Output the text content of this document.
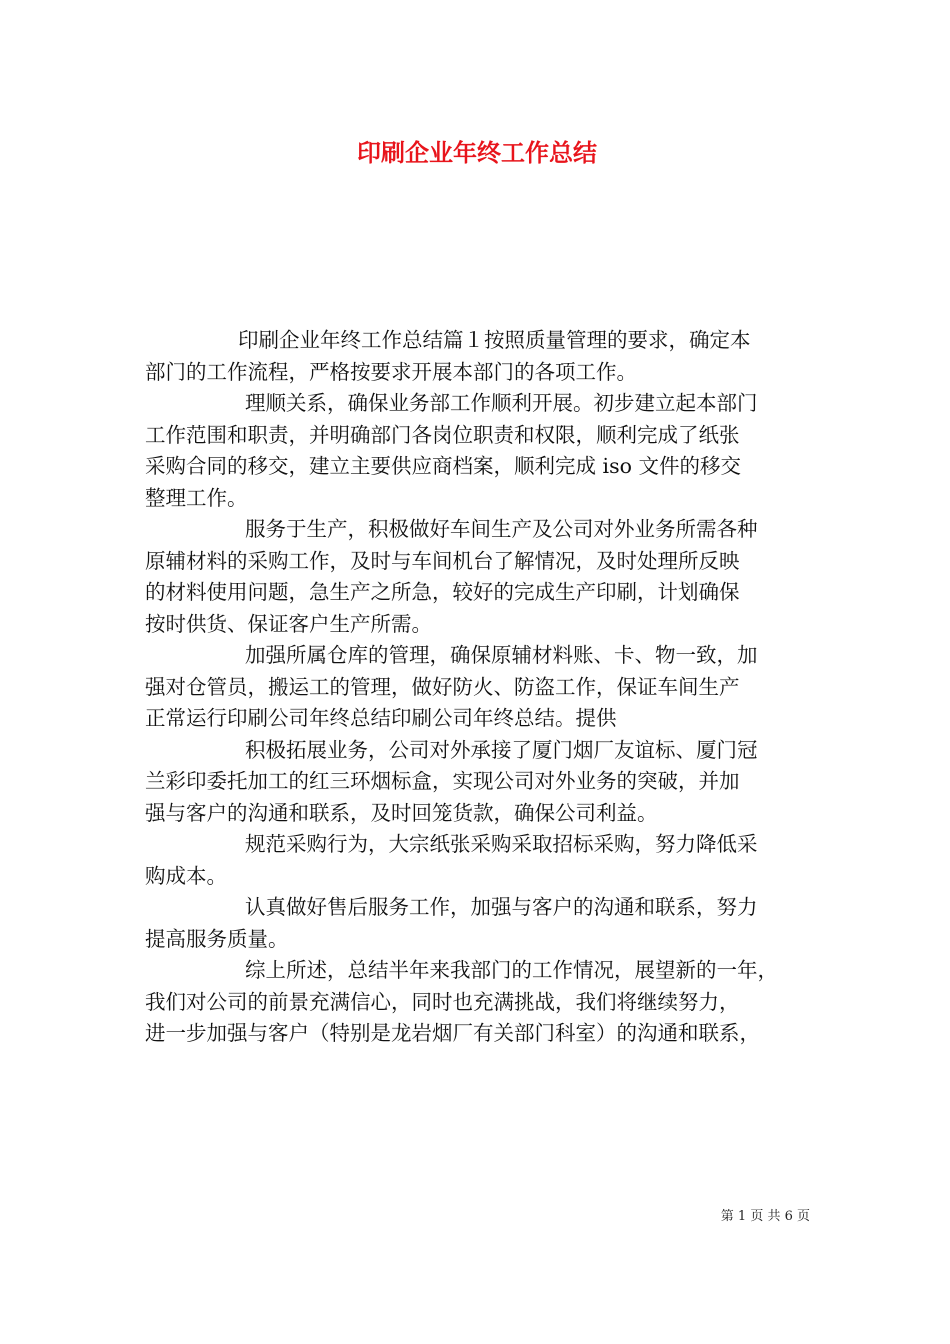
印刷企业年终工作总结
印刷企业年终工作总结篇１按照质量管理的要求，确定本
部门的工作流程，严格按要求开展本部门的各项工作。
理顺关系，确保业务部工作顺利开展。初步建立起本部门
工作范围和职责，并明确部门各岗位职责和权限，顺利完成了纸张
采购合同的移交，建立主要供应商档案，顺利完成 iso 文件的移交
整理工作。
服务于生产，积极做好车间生产及公司对外业务所需各种
原辅材料的采购工作，及时与车间机台了解情况，及时处理所反映
的材料使用问题，急生产之所急，较好的完成生产印刷，计划确保
按时供货、保证客户生产所需。
加强所属仓库的管理，确保原辅材料账、卡、物一致，加
强对仓管员，搬运工的管理，做好防火、防盗工作，保证车间生产
正常运行印刷公司年终总结印刷公司年终总结。提供
积极拓展业务，公司对外承接了厦门烟厂友谊标、厦门冠
兰彩印委托加工的红三环烟标盒，实现公司对外业务的突破，并加
强与客户的沟通和联系，及时回笼货款，确保公司利益。
规范采购行为，大宗纸张采购采取招标采购，努力降低采
购成本。
认真做好售后服务工作，加强与客户的沟通和联系，努力
提高服务质量。
综上所述，总结半年来我部门的工作情况，展望新的一年，
我们对公司的前景充满信心，同时也充满挑战，我们将继续努力，
进一步加强与客户（特别是龙岩烟厂有关部门科室）的沟通和联系，
第 1 页 共 6 页
